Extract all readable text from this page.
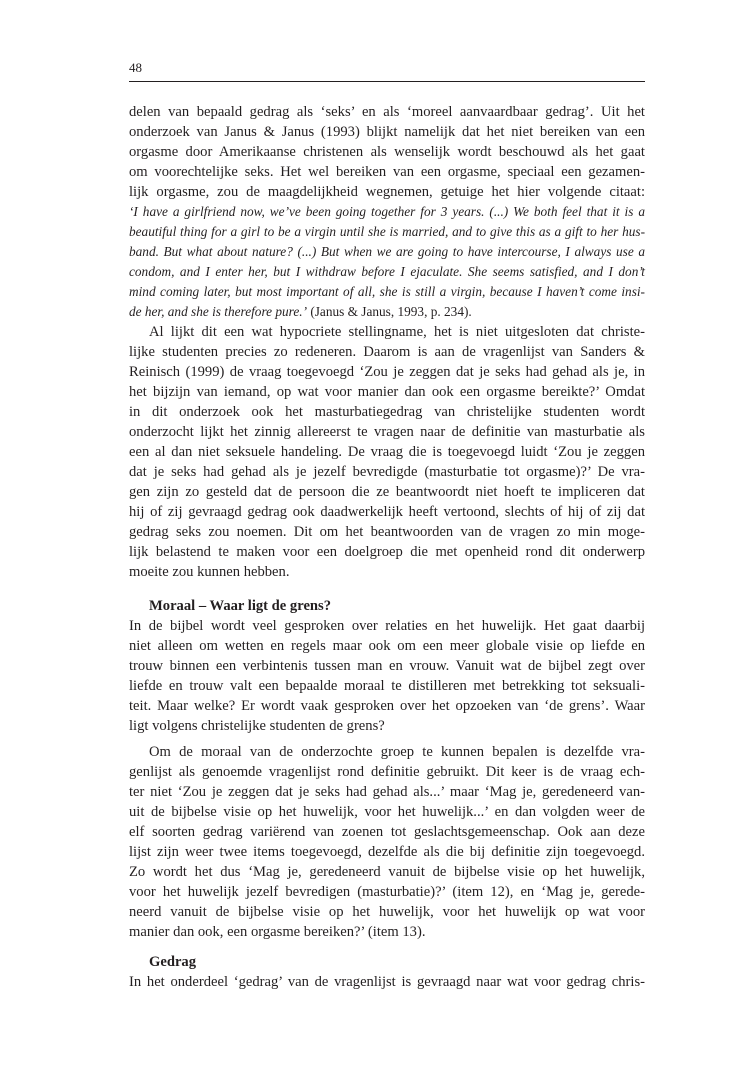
48
delen van bepaald gedrag als ‘seks’ en als ‘moreel aanvaardbaar gedrag’. Uit het
onderzoek van Janus & Janus (1993) blijkt namelijk dat het niet bereiken van een
orgasme door Amerikaanse christenen als wenselijk wordt beschouwd als het gaat
om voorechtelijke seks. Het wel bereiken van een orgasme, speciaal een gezamen-
lijk orgasme, zou de maagdelijkheid wegnemen, getuige het hier volgende citaat:
‘I have a girlfriend now, we’ve been going together for 3 years. (...) We both feel that it is a
beautiful thing for a girl to be a virgin until she is married, and to give this as a gift to her hus-
band. But what about nature? (...) But when we are going to have intercourse, I always use a
condom, and I enter her, but I withdraw before I ejaculate. She seems satisfied, and I don’t
mind coming later, but most important of all, she is still a virgin, because I haven’t come insi-
de her, and she is therefore pure.’ (Janus & Janus, 1993, p. 234).
Al lijkt dit een wat hypocriete stellingname, het is niet uitgesloten dat christe-
lijke studenten precies zo redeneren. Daarom is aan de vragenlijst van Sanders &
Reinisch (1999) de vraag toegevoegd ‘Zou je zeggen dat je seks had gehad als je, in
het bijzijn van iemand, op wat voor manier dan ook een orgasme bereikte?’ Omdat
in dit onderzoek ook het masturbatiegedrag van christelijke studenten wordt
onderzocht lijkt het zinnig allereerst te vragen naar de definitie van masturbatie als
een al dan niet seksuele handeling. De vraag die is toegevoegd luidt ‘Zou je zeggen
dat je seks had gehad als je jezelf bevredigde (masturbatie tot orgasme)?’ De vra-
gen zijn zo gesteld dat de persoon die ze beantwoordt niet hoeft te impliceren dat
hij of zij gevraagd gedrag ook daadwerkelijk heeft vertoond, slechts of hij of zij dat
gedrag seks zou noemen. Dit om het beantwoorden van de vragen zo min moge-
lijk belastend te maken voor een doelgroep die met openheid rond dit onderwerp
moeite zou kunnen hebben.
Moraal – Waar ligt de grens?
In de bijbel wordt veel gesproken over relaties en het huwelijk. Het gaat daarbij
niet alleen om wetten en regels maar ook om een meer globale visie op liefde en
trouw binnen een verbintenis tussen man en vrouw. Vanuit wat de bijbel zegt over
liefde en trouw valt een bepaalde moraal te distilleren met betrekking tot seksuali-
teit. Maar welke? Er wordt vaak gesproken over het opzoeken van ‘de grens’. Waar
ligt volgens christelijke studenten de grens?
Om de moraal van de onderzochte groep te kunnen bepalen is dezelfde vra-
genlijst als genoemde vragenlijst rond definitie gebruikt. Dit keer is de vraag ech-
ter niet ‘Zou je zeggen dat je seks had gehad als...’ maar ‘Mag je, geredeneerd van-
uit de bijbelse visie op het huwelijk, voor het huwelijk...’ en dan volgden weer de
elf soorten gedrag variërend van zoenen tot geslachtsgemeenschap. Ook aan deze
lijst zijn weer twee items toegevoegd, dezelfde als die bij definitie zijn toegevoegd.
Zo wordt het dus ‘Mag je, geredeneerd vanuit de bijbelse visie op het huwelijk,
voor het huwelijk jezelf bevredigen (masturbatie)?’ (item 12), en ‘Mag je, gerede-
neerd vanuit de bijbelse visie op het huwelijk, voor het huwelijk op wat voor
manier dan ook, een orgasme bereiken?’ (item 13).
Gedrag
In het onderdeel ‘gedrag’ van de vragenlijst is gevraagd naar wat voor gedrag chris-
